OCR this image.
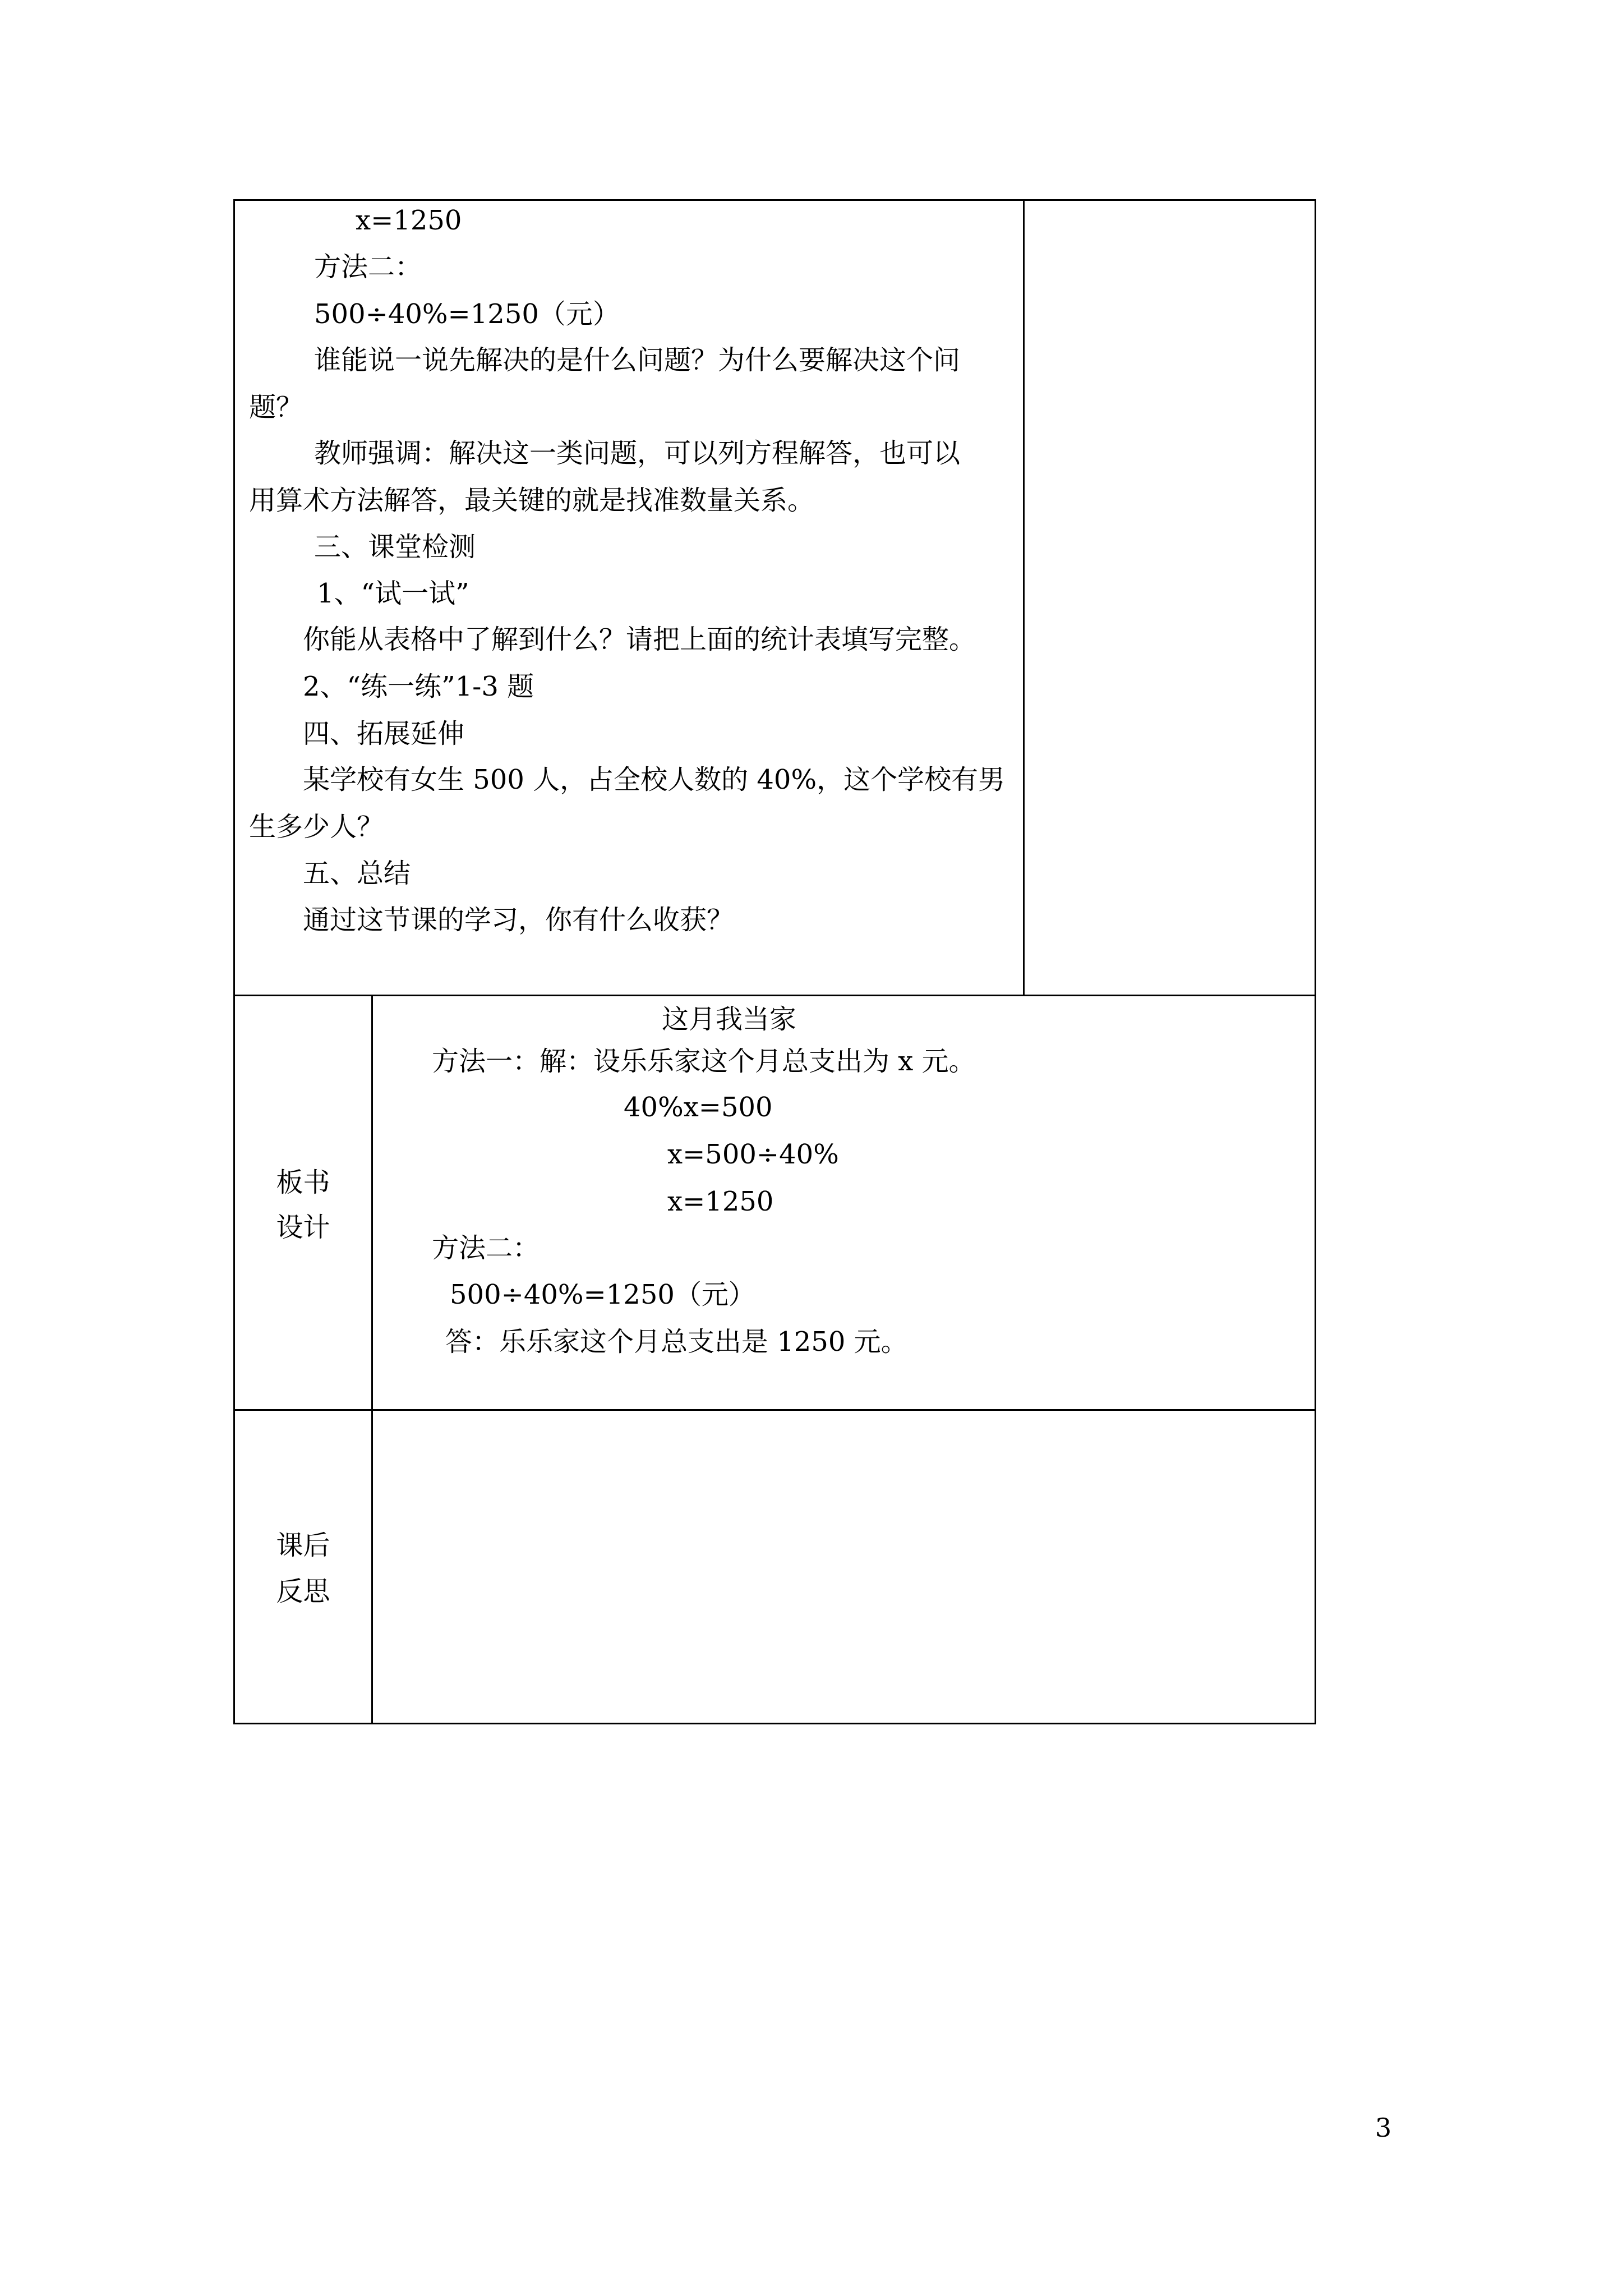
x=1250
方法二：
500÷40%=1250（元）
谁能说一说先解决的是什么问题？为什么要解决这个问
题？
教师强调：解决这一类问题，可以列方程解答，也可以
用算术方法解答，最关键的就是找准数量关系。
三、课堂检测
1、“试一试”
你能从表格中了解到什么？请把上面的统计表填写完整。
2、“练一练”1-3 题
四、拓展延伸
某学校有女生 500 人，占全校人数的 40%，这个学校有男
生多少人？
五、总结
通过这节课的学习，你有什么收获？
板书
设计
这月我当家
方法一：解：设乐乐家这个月总支出为 x 元。
40%x=500
x=500÷40%
x=1250
方法二：
500÷40%=1250（元）
答：乐乐家这个月总支出是 1250 元。
课后
反思
3
